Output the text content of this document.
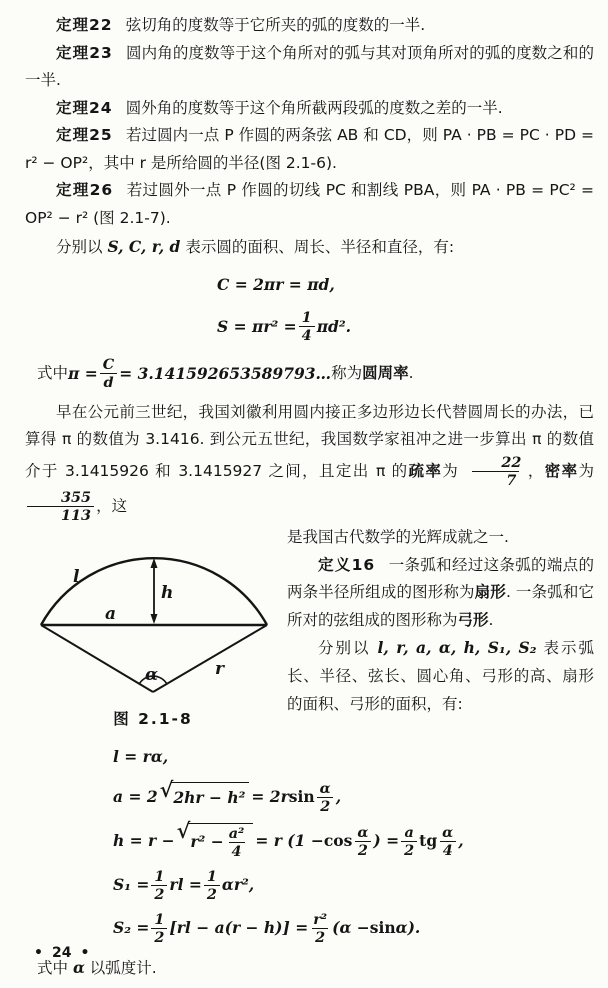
定理22 弦切角的度数等于它所夹的弧的度数的一半.

定理23 圆内角的度数等于这个角所对的弧与其对顶角所对的弧的度数之和的一半.

定理24 圆外角的度数等于这个角所截两段弧的度数之差的一半.

定理25 若过圆内一点 P 作圆的两条弦 AB 和 CD，则 PA · PB = PC · PD = r² − OP²，其中 r 是所给圆的半径(图 2.1-6).

定理26 若过圆外一点 P 作圆的切线 PC 和割线 PBA，则 PA · PB = PC² = OP² − r² (图 2.1-7).

分别以 S, C, r, d 表示圆的面积、周长、半径和直径，有:

C = 2πr = πd,
$S = \pi r^2 = \frac{1}{4} \pi d^2$.
式中 $\pi = \frac{C}{d}$ = 3.141592653589793… 称为 圆周率 .

早在公元前三世纪，我国刘徽利用圆内接正多边形边长代替圆周长的办法，已算得 π 的数值为 3.1416. 到公元五世纪，我国数学家祖冲之进一步算出 π 的数值介于 3.1415926 和 3.1415927 之间，且定出 π 的疏率为 $\frac{22}{7}$ ，密率为
$\frac{355}{113}$ ，这

l
a
h
r
α
图 2.1-8

是我国古代数学的光辉成就之一.

定义16 一条弧和经过这条弧的端点的两条半径所组成的图形称为扇形. 一条弧和它所对的弦组成的图形称为弓形.

分别以 l, r, a, α, h, S₁, S₂ 表示弧长、半径、弦长、圆心角、弓形的高、扇形的面积、弓形的面积，有:

l = rα,
a = 2 √ 2hr − h² = 2r $\sin \frac{\alpha}{2}$ ,
h = r − √ $r^2 - \frac{\text{a²}}{4} = r$ ($1 - \cos \frac{\alpha}{2}$ ) = $\frac{a}{2}$ tg $\frac{\alpha}{4}$ ,
$S_1 = \frac{1}{2}$ rl = $\frac{1}{2} \alpha r^2$,
$S_2 = \frac{1}{2} [rl - a(r - h)] = \frac{\text{r²}}{2} (\alpha - \sin \alpha)$.

式中 α 以弧度计.

• 24 •
